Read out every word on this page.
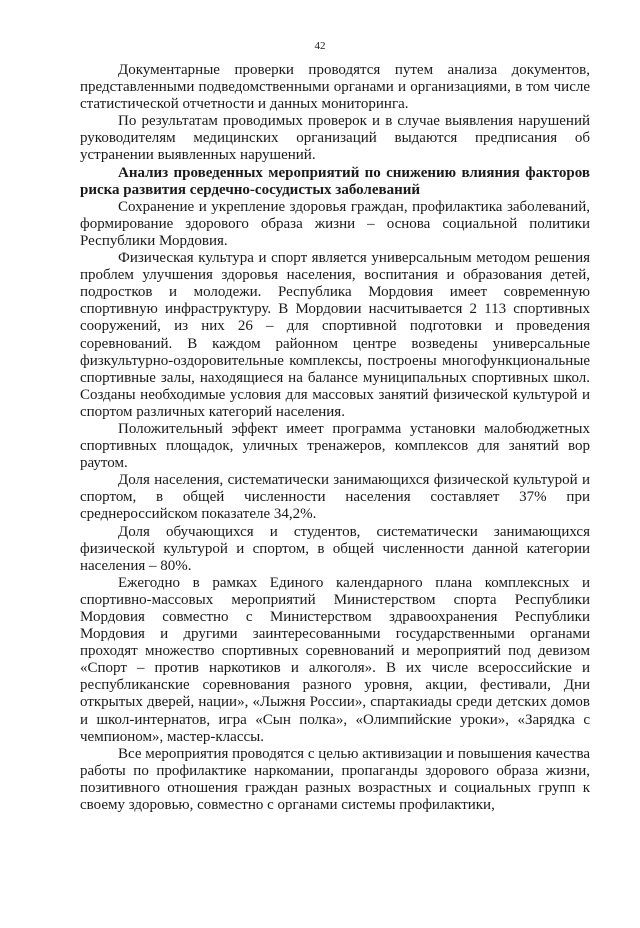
42

Документарные проверки проводятся путем анализа документов, представленными подведомственными органами и организациями, в том числе статистической отчетности и данных мониторинга.

По результатам проводимых проверок и в случае выявления нарушений руководителям медицинских организаций выдаются предписания об устранении выявленных нарушений.

Анализ проведенных мероприятий по снижению влияния факторов риска развития сердечно-сосудистых заболеваний

Сохранение и укрепление здоровья граждан, профилактика заболеваний, формирование здорового образа жизни – основа социальной политики Республики Мордовия.

Физическая культура и спорт является универсальным методом решения проблем улучшения здоровья населения, воспитания и образования детей, подростков и молодежи. Республика Мордовия имеет современную спортивную инфраструктуру. В Мордовии насчитывается 2 113 спортивных сооружений, из них 26 – для спортивной подготовки и проведения соревнований. В каждом районном центре возведены универсальные физкультурно-оздоровительные комплексы, построены многофункциональные спортивные залы, находящиеся на балансе муниципальных спортивных школ. Созданы необходимые условия для массовых занятий физической культурой и спортом различных категорий населения.

Положительный эффект имеет программа установки малобюджетных спортивных площадок, уличных тренажеров, комплексов для занятий вор раутом.

Доля населения, систематически занимающихся физической культурой и спортом, в общей численности населения составляет 37% при среднероссийском показателе 34,2%.

Доля обучающихся и студентов, систематически занимающихся физической культурой и спортом, в общей численности данной категории населения – 80%.

Ежегодно в рамках Единого календарного плана комплексных и спортивно-массовых мероприятий Министерством спорта Республики Мордовия совместно с Министерством здравоохранения Республики Мордовия и другими заинтересованными государственными органами проходят множество спортивных соревнований и мероприятий под девизом «Спорт – против наркотиков и алкоголя». В их числе всероссийские и республиканские соревнования разного уровня, акции, фестивали, Дни открытых дверей, нации», «Лыжня России», спартакиады среди детских домов и школ-интернатов, игра «Сын полка», «Олимпийские уроки», «Зарядка с чемпионом», мастер-классы.

Все мероприятия проводятся с целью активизации и повышения качества работы по профилактике наркомании, пропаганды здорового образа жизни, позитивного отношения граждан разных возрастных и социальных групп к своему здоровью, совместно с органами системы профилактики,
